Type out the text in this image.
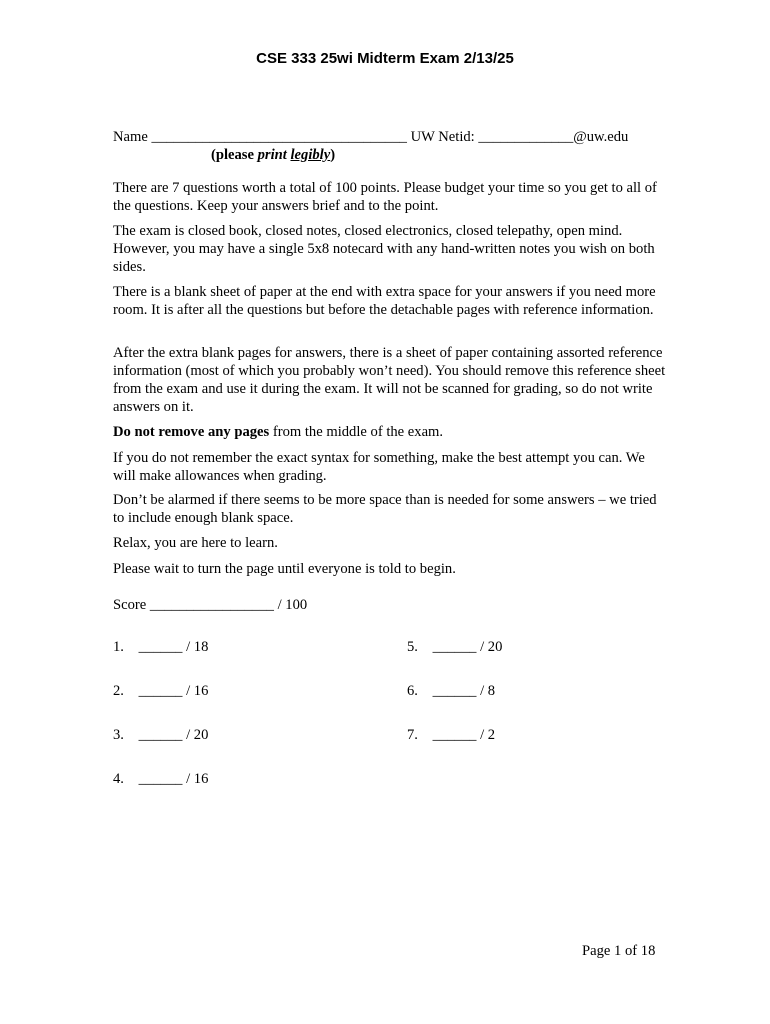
CSE 333 25wi Midterm Exam 2/13/25
Name ___________________________________ UW Netid: _____________@uw.edu
(please print legibly)
There are 7 questions worth a total of 100 points. Please budget your time so you get to all of the questions. Keep your answers brief and to the point.
The exam is closed book, closed notes, closed electronics, closed telepathy, open mind. However, you may have a single 5x8 notecard with any hand-written notes you wish on both sides.
There is a blank sheet of paper at the end with extra space for your answers if you need more room. It is after all the questions but before the detachable pages with reference information.
After the extra blank pages for answers, there is a sheet of paper containing assorted reference information (most of which you probably won’t need). You should remove this reference sheet from the exam and use it during the exam. It will not be scanned for grading, so do not write answers on it.
Do not remove any pages from the middle of the exam.
If you do not remember the exact syntax for something, make the best attempt you can. We will make allowances when grading.
Don’t be alarmed if there seems to be more space than is needed for some answers – we tried to include enough blank space.
Relax, you are here to learn.
Please wait to turn the page until everyone is told to begin.
Score _________________ / 100
1. ______ / 18
2. ______ / 16
3. ______ / 20
4. ______ / 16
5. ______ / 20
6. ______ / 8
7. ______ / 2
Page 1 of 18
